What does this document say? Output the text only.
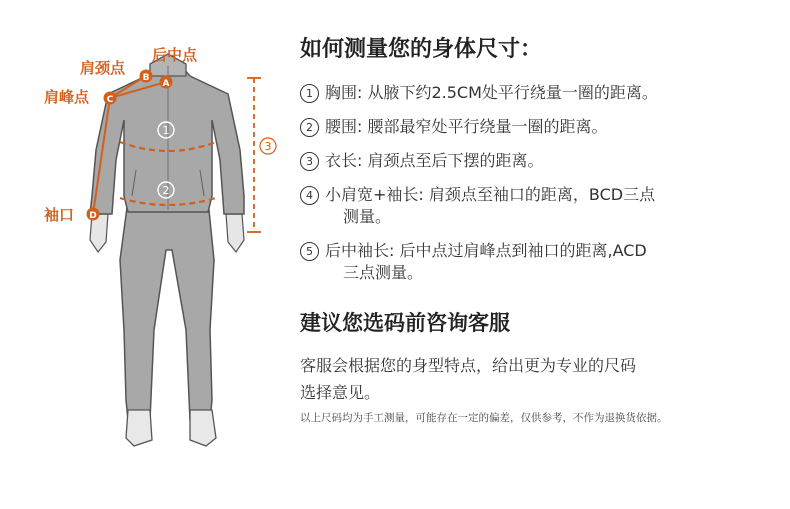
A
B
C
D
1
2
3
后中点
肩颈点
肩峰点
袖口
如何测量您的身体尺寸：
1 胸围: 从腋下约2.5CM处平行绕量一圈的距离。
2 腰围: 腰部最窄处平行绕量一圈的距离。
3 衣长: 肩颈点至后下摆的距离。
4 小肩宽+袖长: 肩颈点至袖口的距离，BCD三点
测量。
5 后中袖长: 后中点过肩峰点到袖口的距离,ACD
三点测量。
建议您选码前咨询客服

客服会根据您的身型特点，给出更为专业的尺码

选择意见。

以上尺码均为手工测量，可能存在一定的偏差，仅供参考，不作为退换货依据。
